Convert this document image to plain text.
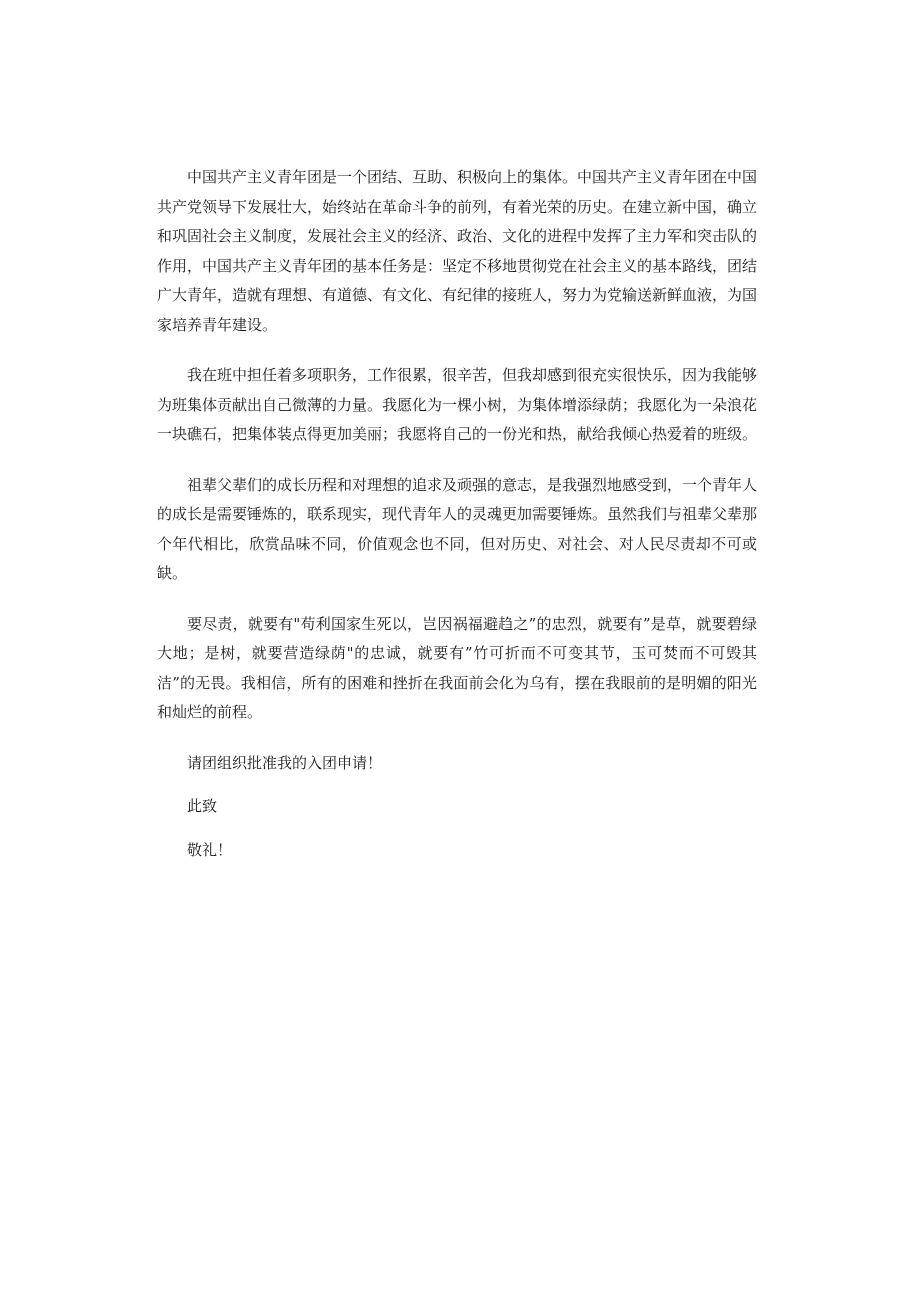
中国共产主义青年团是一个团结、互助、积极向上的集体。中国共产主义青年团在中国共产党领导下发展壮大，始终站在革命斗争的前列，有着光荣的历史。在建立新中国，确立和巩固社会主义制度，发展社会主义的经济、政治、文化的进程中发挥了主力军和突击队的作用，中国共产主义青年团的基本任务是：坚定不移地贯彻党在社会主义的基本路线，团结广大青年，造就有理想、有道德、有文化、有纪律的接班人，努力为党输送新鲜血液，为国家培养青年建设。

我在班中担任着多项职务，工作很累，很辛苦，但我却感到很充实很快乐，因为我能够为班集体贡献出自己微薄的力量。我愿化为一棵小树，为集体增添绿荫；我愿化为一朵浪花一块礁石，把集体装点得更加美丽；我愿将自己的一份光和热，献给我倾心热爱着的班级。

祖辈父辈们的成长历程和对理想的追求及顽强的意志，是我强烈地感受到，一个青年人的成长是需要锤炼的，联系现实，现代青年人的灵魂更加需要锤炼。虽然我们与祖辈父辈那个年代相比，欣赏品味不同，价值观念也不同，但对历史、对社会、对人民尽责却不可或缺。

要尽责，就要有"苟利国家生死以，岂因祸福避趋之”的忠烈，就要有”是草，就要碧绿大地；是树，就要营造绿荫"的忠诚，就要有”竹可折而不可变其节，玉可焚而不可毁其洁”的无畏。我相信，所有的困难和挫折在我面前会化为乌有，摆在我眼前的是明媚的阳光和灿烂的前程。

请团组织批准我的入团申请！

此致

敬礼！
